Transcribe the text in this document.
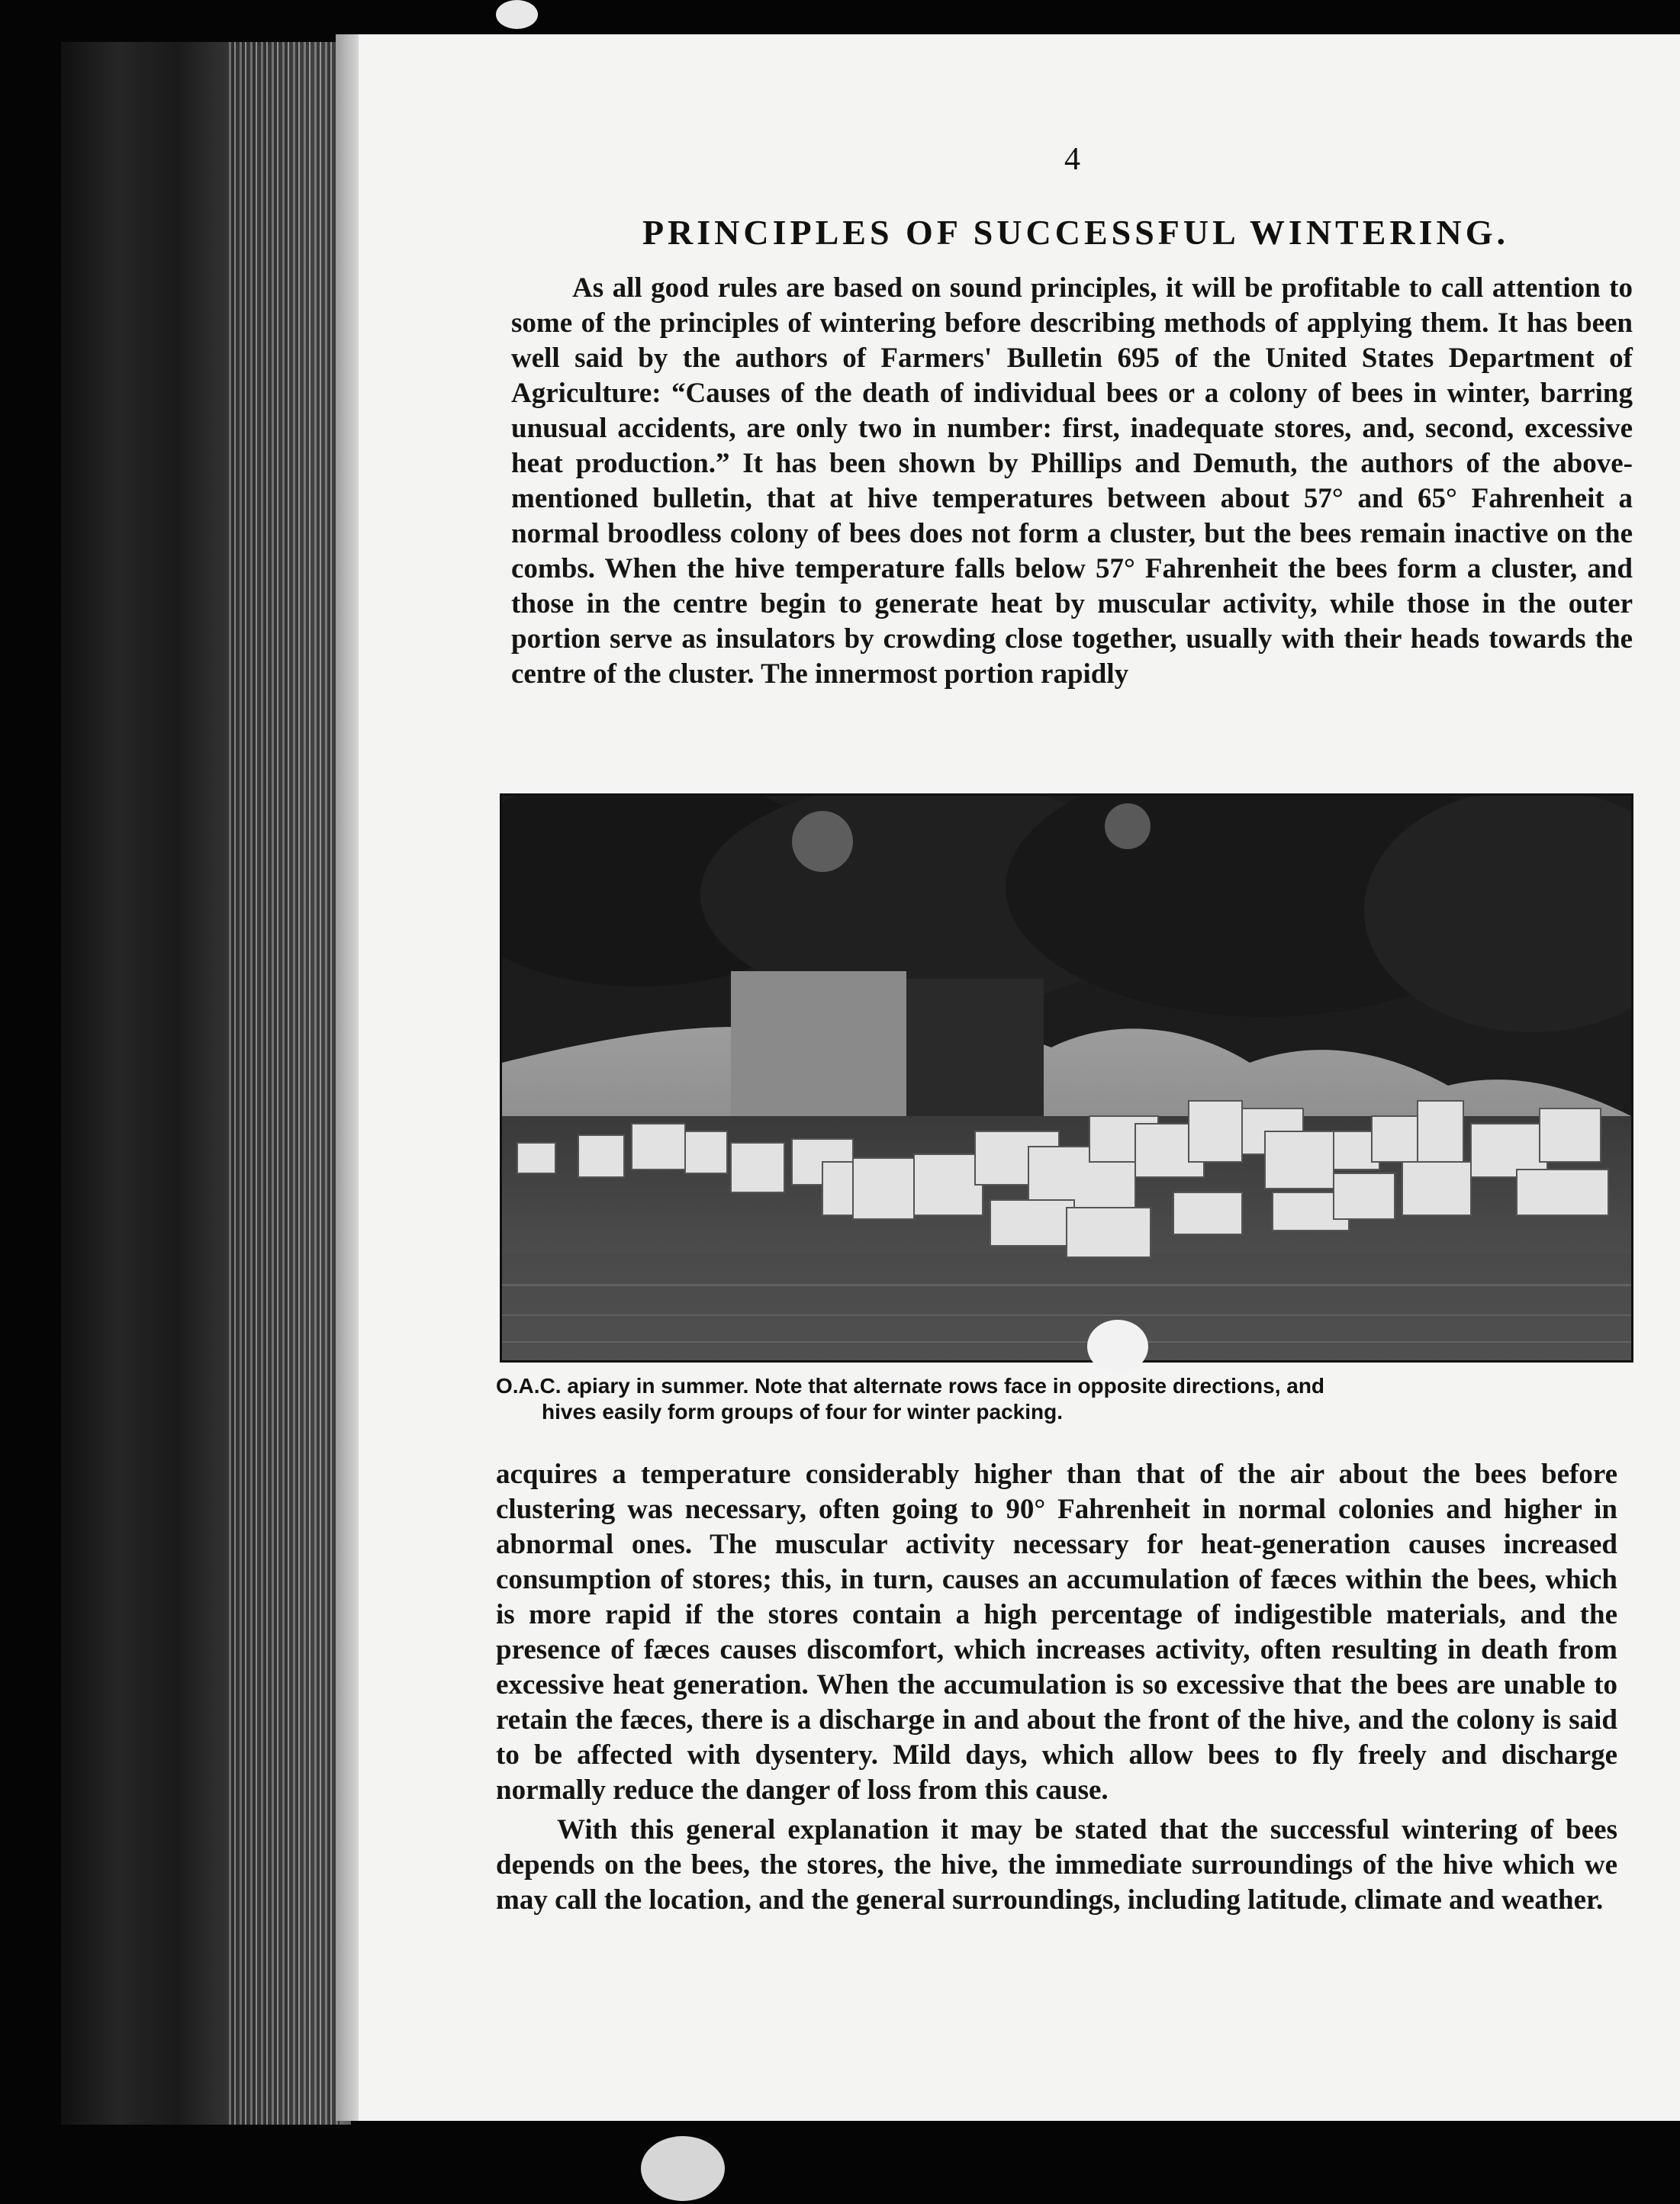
4
PRINCIPLES OF SUCCESSFUL WINTERING.

As all good rules are based on sound principles, it will be profitable to call attention to some of the principles of wintering before describing methods of applying them. It has been well said by the authors of Farmers' Bulletin 695 of the United States Department of Agriculture: “Causes of the death of individual bees or a colony of bees in winter, barring unusual accidents, are only two in number: first, inadequate stores, and, second, excessive heat production.” It has been shown by Phillips and Demuth, the authors of the above-mentioned bulletin, that at hive temperatures between about 57° and 65° Fahrenheit a normal broodless colony of bees does not form a cluster, but the bees remain inactive on the combs. When the hive temperature falls below 57° Fahrenheit the bees form a cluster, and those in the centre begin to generate heat by muscular activity, while those in the outer portion serve as insulators by crowding close together, usually with their heads towards the centre of the cluster. The innermost portion rapidly

O.A.C. apiary in summer. Note that alternate rows face in opposite directions, and
hives easily form groups of four for winter packing.

acquires a temperature considerably higher than that of the air about the bees before clustering was necessary, often going to 90° Fahrenheit in normal colonies and higher in abnormal ones. The muscular activity necessary for heat-generation causes increased consumption of stores; this, in turn, causes an accumulation of fæces within the bees, which is more rapid if the stores contain a high percentage of indigestible materials, and the presence of fæces causes discomfort, which increases activity, often resulting in death from excessive heat generation. When the accumulation is so excessive that the bees are unable to retain the fæces, there is a discharge in and about the front of the hive, and the colony is said to be affected with dysentery. Mild days, which allow bees to fly freely and discharge normally reduce the danger of loss from this cause.

With this general explanation it may be stated that the successful wintering of bees depends on the bees, the stores, the hive, the immediate surroundings of the hive which we may call the location, and the general surroundings, including latitude, climate and weather.
